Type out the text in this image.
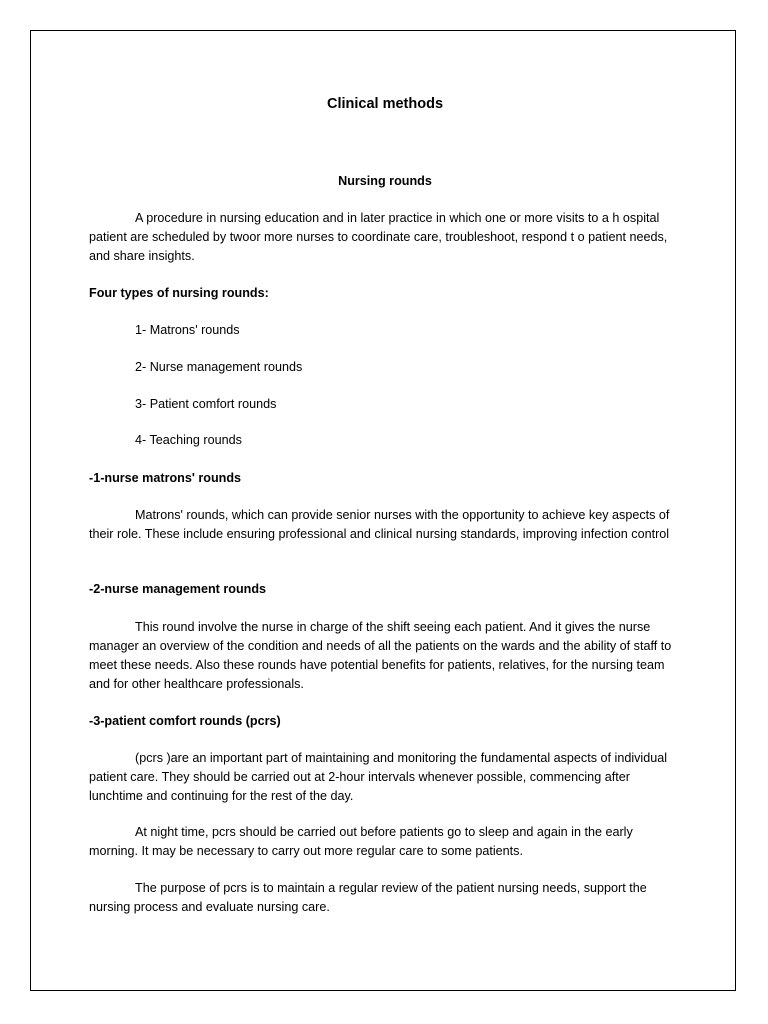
Clinical methods
Nursing rounds

A procedure in nursing education and in later practice in which one or more visits to a h ospital patient are scheduled by twoor more nurses to coordinate care, troubleshoot, respond t o patient needs, and share insights.

Four types of nursing rounds:

1- Matrons' rounds

2- Nurse management rounds

3- Patient comfort rounds

4- Teaching rounds

-1-nurse matrons' rounds

Matrons' rounds, which can provide senior nurses with the opportunity to achieve key aspects of their role. These include ensuring professional and clinical nursing standards, improving infection control

-2-nurse management rounds

This round involve the nurse in charge of the shift seeing each patient. And it gives the nurse manager an overview of the condition and needs of all the patients on the wards and the ability of staff to meet these needs. Also these rounds have potential benefits for patients, relatives, for the nursing team and for other healthcare professionals.

-3-patient comfort rounds (pcrs)

(pcrs )are an important part of maintaining and monitoring the fundamental aspects of individual patient care. They should be carried out at 2-hour intervals whenever possible, commencing after lunchtime and continuing for the rest of the day.

At night time, pcrs should be carried out before patients go to sleep and again in the early morning. It may be necessary to carry out more regular care to some patients.

The purpose of pcrs is to maintain a regular review of the patient nursing needs, support the nursing process and evaluate nursing care.
